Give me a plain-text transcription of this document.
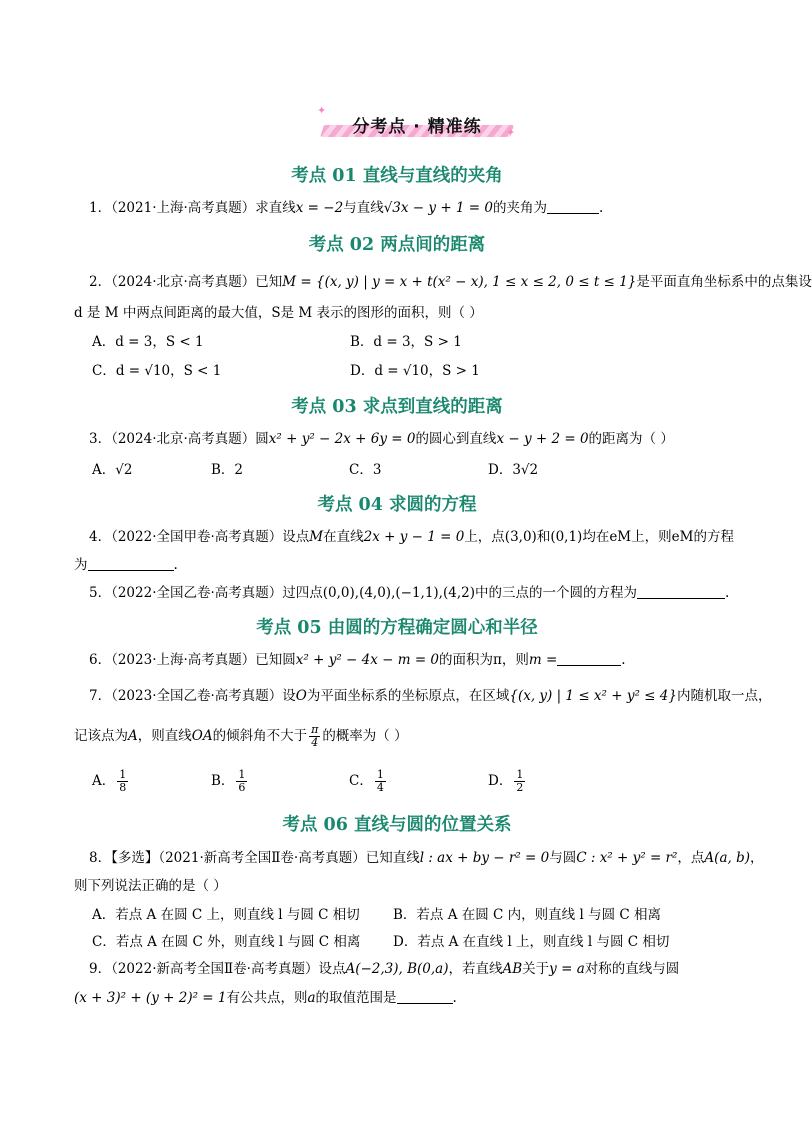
分考点 · 精准练
✦
✦
考点 01 直线与直线的夹角
1．（2021·上海·高考真题）求直线x = −2与直线√3x − y + 1 = 0的夹角为	.
考点 02 两点间的距离
2．（2024·北京·高考真题）已知M = {(x, y) | y = x + t(x² − x), 1 ≤ x ≤ 2, 0 ≤ t ≤ 1}是平面直角坐标系中的点集设
d 是 M 中两点间距离的最大值，S是 M 表示的图形的面积，则（ ）
A．d = 3，S < 1	B．d = 3，S > 1
C．d = √10，S < 1	D．d = √10，S > 1
考点 03 求点到直线的距离
3．（2024·北京·高考真题）圆x² + y² − 2x + 6y = 0的圆心到直线x − y + 2 = 0的距离为（ ）
A．√2	B．2	C．3	D．3√2
考点 04 求圆的方程
4．（2022·全国甲卷·高考真题）设点M在直线2x + y − 1 = 0上，点(3,0)和(0,1)均在eM上，则eM的方程
为	.
5．（2022·全国乙卷·高考真题）过四点(0,0),(4,0),(−1,1),(4,2)中的三点的一个圆的方程为	.
考点 05 由圆的方程确定圆心和半径
6．（2023·上海·高考真题）已知圆x² + y² − 4x − m = 0的面积为π，则m =	.
7．（2023·全国乙卷·高考真题）设O为平面坐标系的坐标原点，在区域{(x, y) | 1 ≤ x² + y² ≤ 4}内随机取一点，
记该点为A，则直线OA的倾斜角不大于 $\frac{\pi}{4}$ 的概率为（ ）
A． $\frac{1}{8}$	B． $\frac{1}{6}$	C． $\frac{1}{4}$	D． $\frac{1}{2}$
考点 06 直线与圆的位置关系
8．【多选】（2021·新高考全国Ⅱ卷·高考真题）已知直线l : ax + by − r² = 0与圆C : x² + y² = r²，点A(a, b)，
则下列说法正确的是（ ）
A．若点 A 在圆 C 上，则直线 l 与圆 C 相切 B．若点 A 在圆 C 内，则直线 l 与圆 C 相离
C．若点 A 在圆 C 外，则直线 l 与圆 C 相离 D．若点 A 在直线 l 上，则直线 l 与圆 C 相切
9．（2022·新高考全国Ⅱ卷·高考真题）设点A(−2,3), B(0,a)，若直线AB关于y = a对称的直线与圆
(x + 3)² + (y + 2)² = 1有公共点，则a的取值范围是	.
